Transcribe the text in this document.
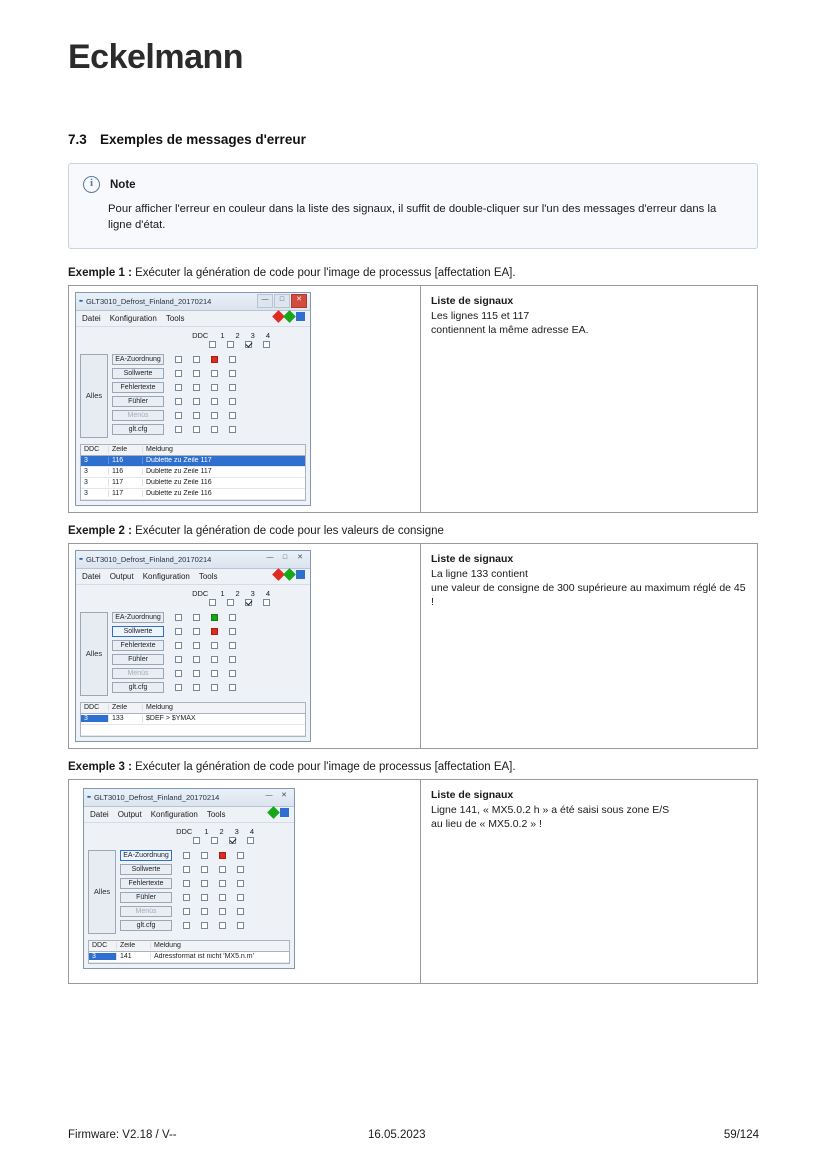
Eckelmann
7.3 Exemples de messages d'erreur
i	Note
Pour afficher l'erreur en couleur dans la liste des signaux, il suffit de double-cliquer sur l'un des messages d'erreur dans la ligne d'état.
Exemple 1 : Exécuter la génération de code pour l'image de processus [affectation EA].
▪▪ GLT3010_Defrost_Finland_20170214	—	□	✕
Datei Konfiguration Tools
DDC 1 2 3 4
Alles
EA-Zuordnung
Sollwerte
Fehlertexte
Fühler
Menüs
glt.cfg
DDC	Zeile	Meldung
3	116	Dublette zu Zeile 117
3	116	Dublette zu Zeile 117
3	117	Dublette zu Zeile 116
3	117	Dublette zu Zeile 116
Liste de signaux
Les lignes 115 et 117
contiennent la même adresse EA.
Exemple 2 : Exécuter la génération de code pour les valeurs de consigne
▪▪ GLT3010_Defrost_Finland_20170214	—	□	✕
Datei Output Konfiguration Tools
DDC 1 2 3 4
Alles
EA-Zuordnung
Sollwerte
Fehlertexte
Fühler
Menüs
glt.cfg
DDC	Zeile	Meldung
3	133	$DEF > $YMAX
Liste de signaux
La ligne 133 contient
une valeur de consigne de 300 supérieure au maximum réglé de 45 !
Exemple 3 : Exécuter la génération de code pour l'image de processus [affectation EA].
▪▪ GLT3010_Defrost_Finland_20170214	—	✕
Datei Output Konfiguration Tools
DDC 1 2 3 4
Alles
EA-Zuordnung
Sollwerte
Fehlertexte
Fühler
Menüs
glt.cfg
DDC	Zeile	Meldung
3	141	Adressformat ist nicht 'MX5.n.m'
Liste de signaux
Ligne 141, « MX5.0.2 h » a été saisi sous zone E/S
au lieu de « MX5.0.2 » !
Firmware: V2.18 / V--	16.05.2023	59/124
